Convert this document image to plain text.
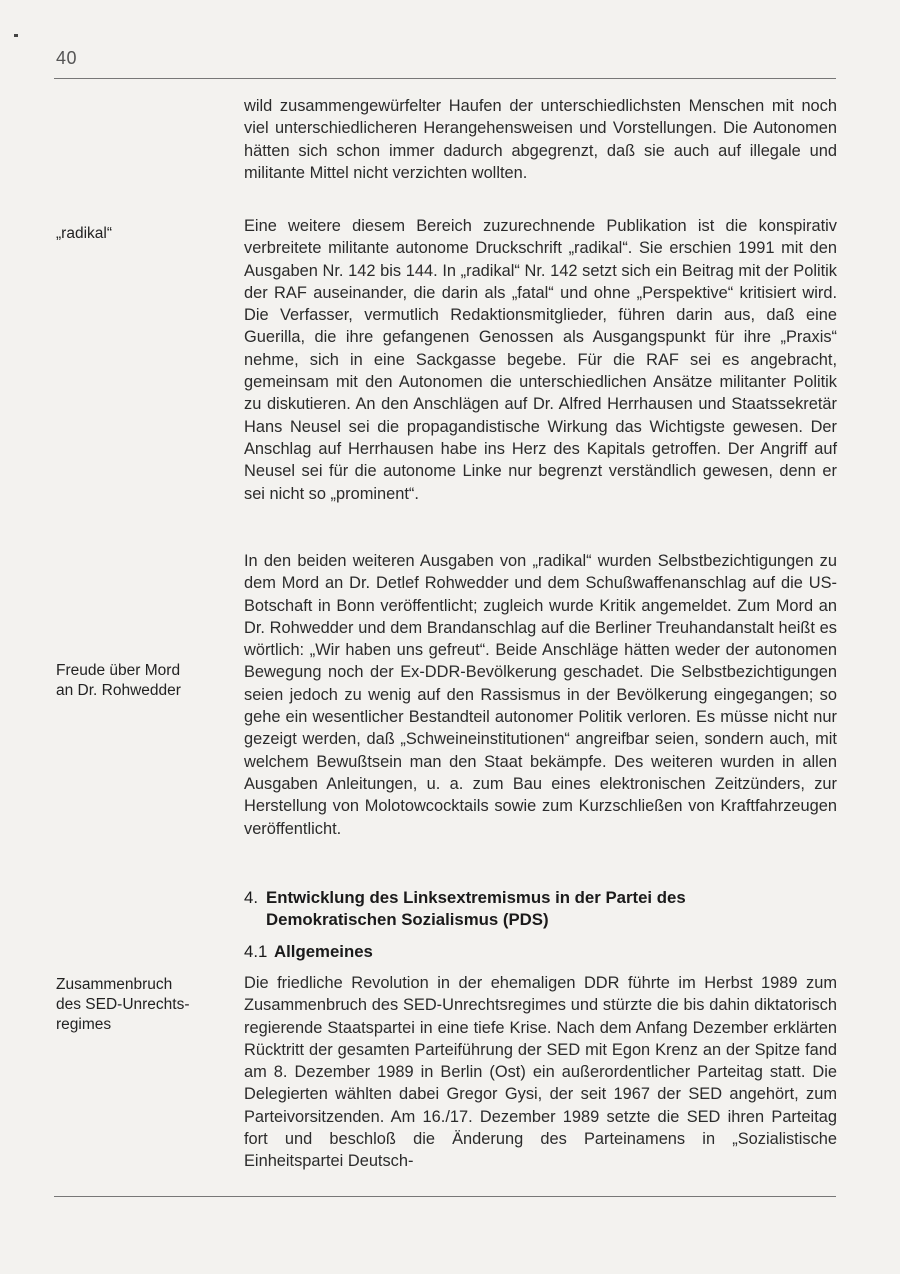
40
„radikal“
Freude über Mord
an Dr. Rohwedder
Zusammenbruch
des SED-Unrechts-
regimes

wild zusammengewürfelter Haufen der unterschiedlichsten Menschen mit noch viel unterschiedlicheren Herangehensweisen und Vorstellungen. Die Autonomen hätten sich schon immer dadurch abgegrenzt, daß sie auch auf illegale und militante Mittel nicht verzichten wollten.

Eine weitere diesem Bereich zuzurechnende Publikation ist die konspirativ verbreitete militante autonome Druckschrift „radikal“. Sie erschien 1991 mit den Ausgaben Nr. 142 bis 144. In „radikal“ Nr. 142 setzt sich ein Beitrag mit der Politik der RAF auseinander, die darin als „fatal“ und ohne „Perspektive“ kritisiert wird. Die Verfasser, vermutlich Redaktionsmitglieder, führen darin aus, daß eine Guerilla, die ihre gefangenen Genossen als Ausgangspunkt für ihre „Praxis“ nehme, sich in eine Sackgasse begebe. Für die RAF sei es angebracht, gemeinsam mit den Autonomen die unterschiedlichen Ansätze militanter Politik zu diskutieren. An den Anschlägen auf Dr. Alfred Herrhausen und Staatssekretär Hans Neusel sei die propagandistische Wirkung das Wichtigste gewesen. Der Anschlag auf Herrhausen habe ins Herz des Kapitals getroffen. Der Angriff auf Neusel sei für die autonome Linke nur begrenzt verständlich gewesen, denn er sei nicht so „prominent“.

In den beiden weiteren Ausgaben von „radikal“ wurden Selbstbezichtigungen zu dem Mord an Dr. Detlef Rohwedder und dem Schußwaffenanschlag auf die US-Botschaft in Bonn veröffentlicht; zugleich wurde Kritik angemeldet. Zum Mord an Dr. Rohwedder und dem Brandanschlag auf die Berliner Treuhandanstalt heißt es wörtlich: „Wir haben uns gefreut“. Beide Anschläge hätten weder der autonomen Bewegung noch der Ex-DDR-Bevölkerung geschadet. Die Selbstbezichtigungen seien jedoch zu wenig auf den Rassismus in der Bevölkerung eingegangen; so gehe ein wesentlicher Bestandteil autonomer Politik verloren. Es müsse nicht nur gezeigt werden, daß „Schweineinstitutionen“ angreifbar seien, sondern auch, mit welchem Bewußtsein man den Staat bekämpfe. Des weiteren wurden in allen Ausgaben Anleitungen, u. a. zum Bau eines elektronischen Zeitzünders, zur Herstellung von Molotowcocktails sowie zum Kurzschließen von Kraftfahrzeugen veröffentlicht.

4. Entwicklung des Linksextremismus in der Partei des Demokratischen Sozialismus (PDS)
4.1 Allgemeines

Die friedliche Revolution in der ehemaligen DDR führte im Herbst 1989 zum Zusammenbruch des SED-Unrechtsregimes und stürzte die bis dahin diktatorisch regierende Staatspartei in eine tiefe Krise. Nach dem Anfang Dezember erklärten Rücktritt der gesamten Parteiführung der SED mit Egon Krenz an der Spitze fand am 8. Dezember 1989 in Berlin (Ost) ein außerordentlicher Parteitag statt. Die Delegierten wählten dabei Gregor Gysi, der seit 1967 der SED angehört, zum Parteivorsitzenden. Am 16./17. Dezember 1989 setzte die SED ihren Parteitag fort und beschloß die Änderung des Parteinamens in „Sozialistische Einheitspartei Deutsch-
